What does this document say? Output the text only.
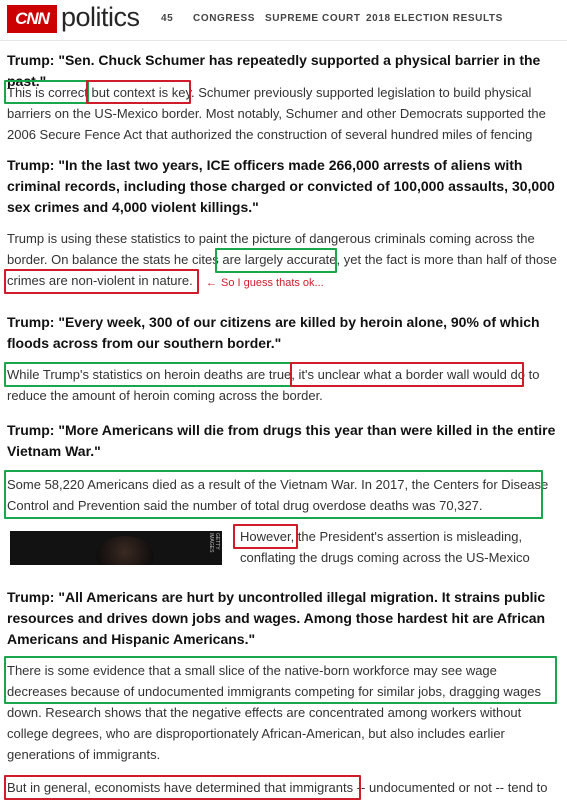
CNN politics 45 CONGRESS SUPREME COURT 2018 ELECTION RESULTS
Trump: "Sen. Chuck Schumer has repeatedly supported a physical barrier in the past."
This is correct but context is key. Schumer previously supported legislation to build physical barriers on the US-Mexico border. Most notably, Schumer and other Democrats supported the 2006 Secure Fence Act that authorized the construction of several hundred miles of fencing
Trump: "In the last two years, ICE officers made 266,000 arrests of aliens with criminal records, including those charged or convicted of 100,000 assaults, 30,000 sex crimes and 4,000 violent killings."
Trump is using these statistics to paint the picture of dangerous criminals coming across the border. On balance the stats he cites are largely accurate, yet the fact is more than half of those crimes are non-violent in nature.	← So I guess thats ok...
Trump: "Every week, 300 of our citizens are killed by heroin alone, 90% of which floods across from our southern border."
While Trump's statistics on heroin deaths are true, it's unclear what a border wall would do to reduce the amount of heroin coming across the border.
Trump: "More Americans will die from drugs this year than were killed in the entire Vietnam War."
Some 58,220 Americans died as a result of the Vietnam War. In 2017, the Centers for Disease Control and Prevention said the number of total drug overdose deaths was 70,327.
GETTY IMAGES	However, the President's assertion is misleading, conflating the drugs coming across the US-Mexico
Trump: "All Americans are hurt by uncontrolled illegal migration. It strains public resources and drives down jobs and wages. Among those hardest hit are African Americans and Hispanic Americans."
There is some evidence that a small slice of the native-born workforce may see wage decreases because of undocumented immigrants competing for similar jobs, dragging wages down. Research shows that the negative effects are concentrated among workers without college degrees, who are disproportionately African-American, but also includes earlier generations of immigrants.
But in general, economists have determined that immigrants -- undocumented or not -- tend to
